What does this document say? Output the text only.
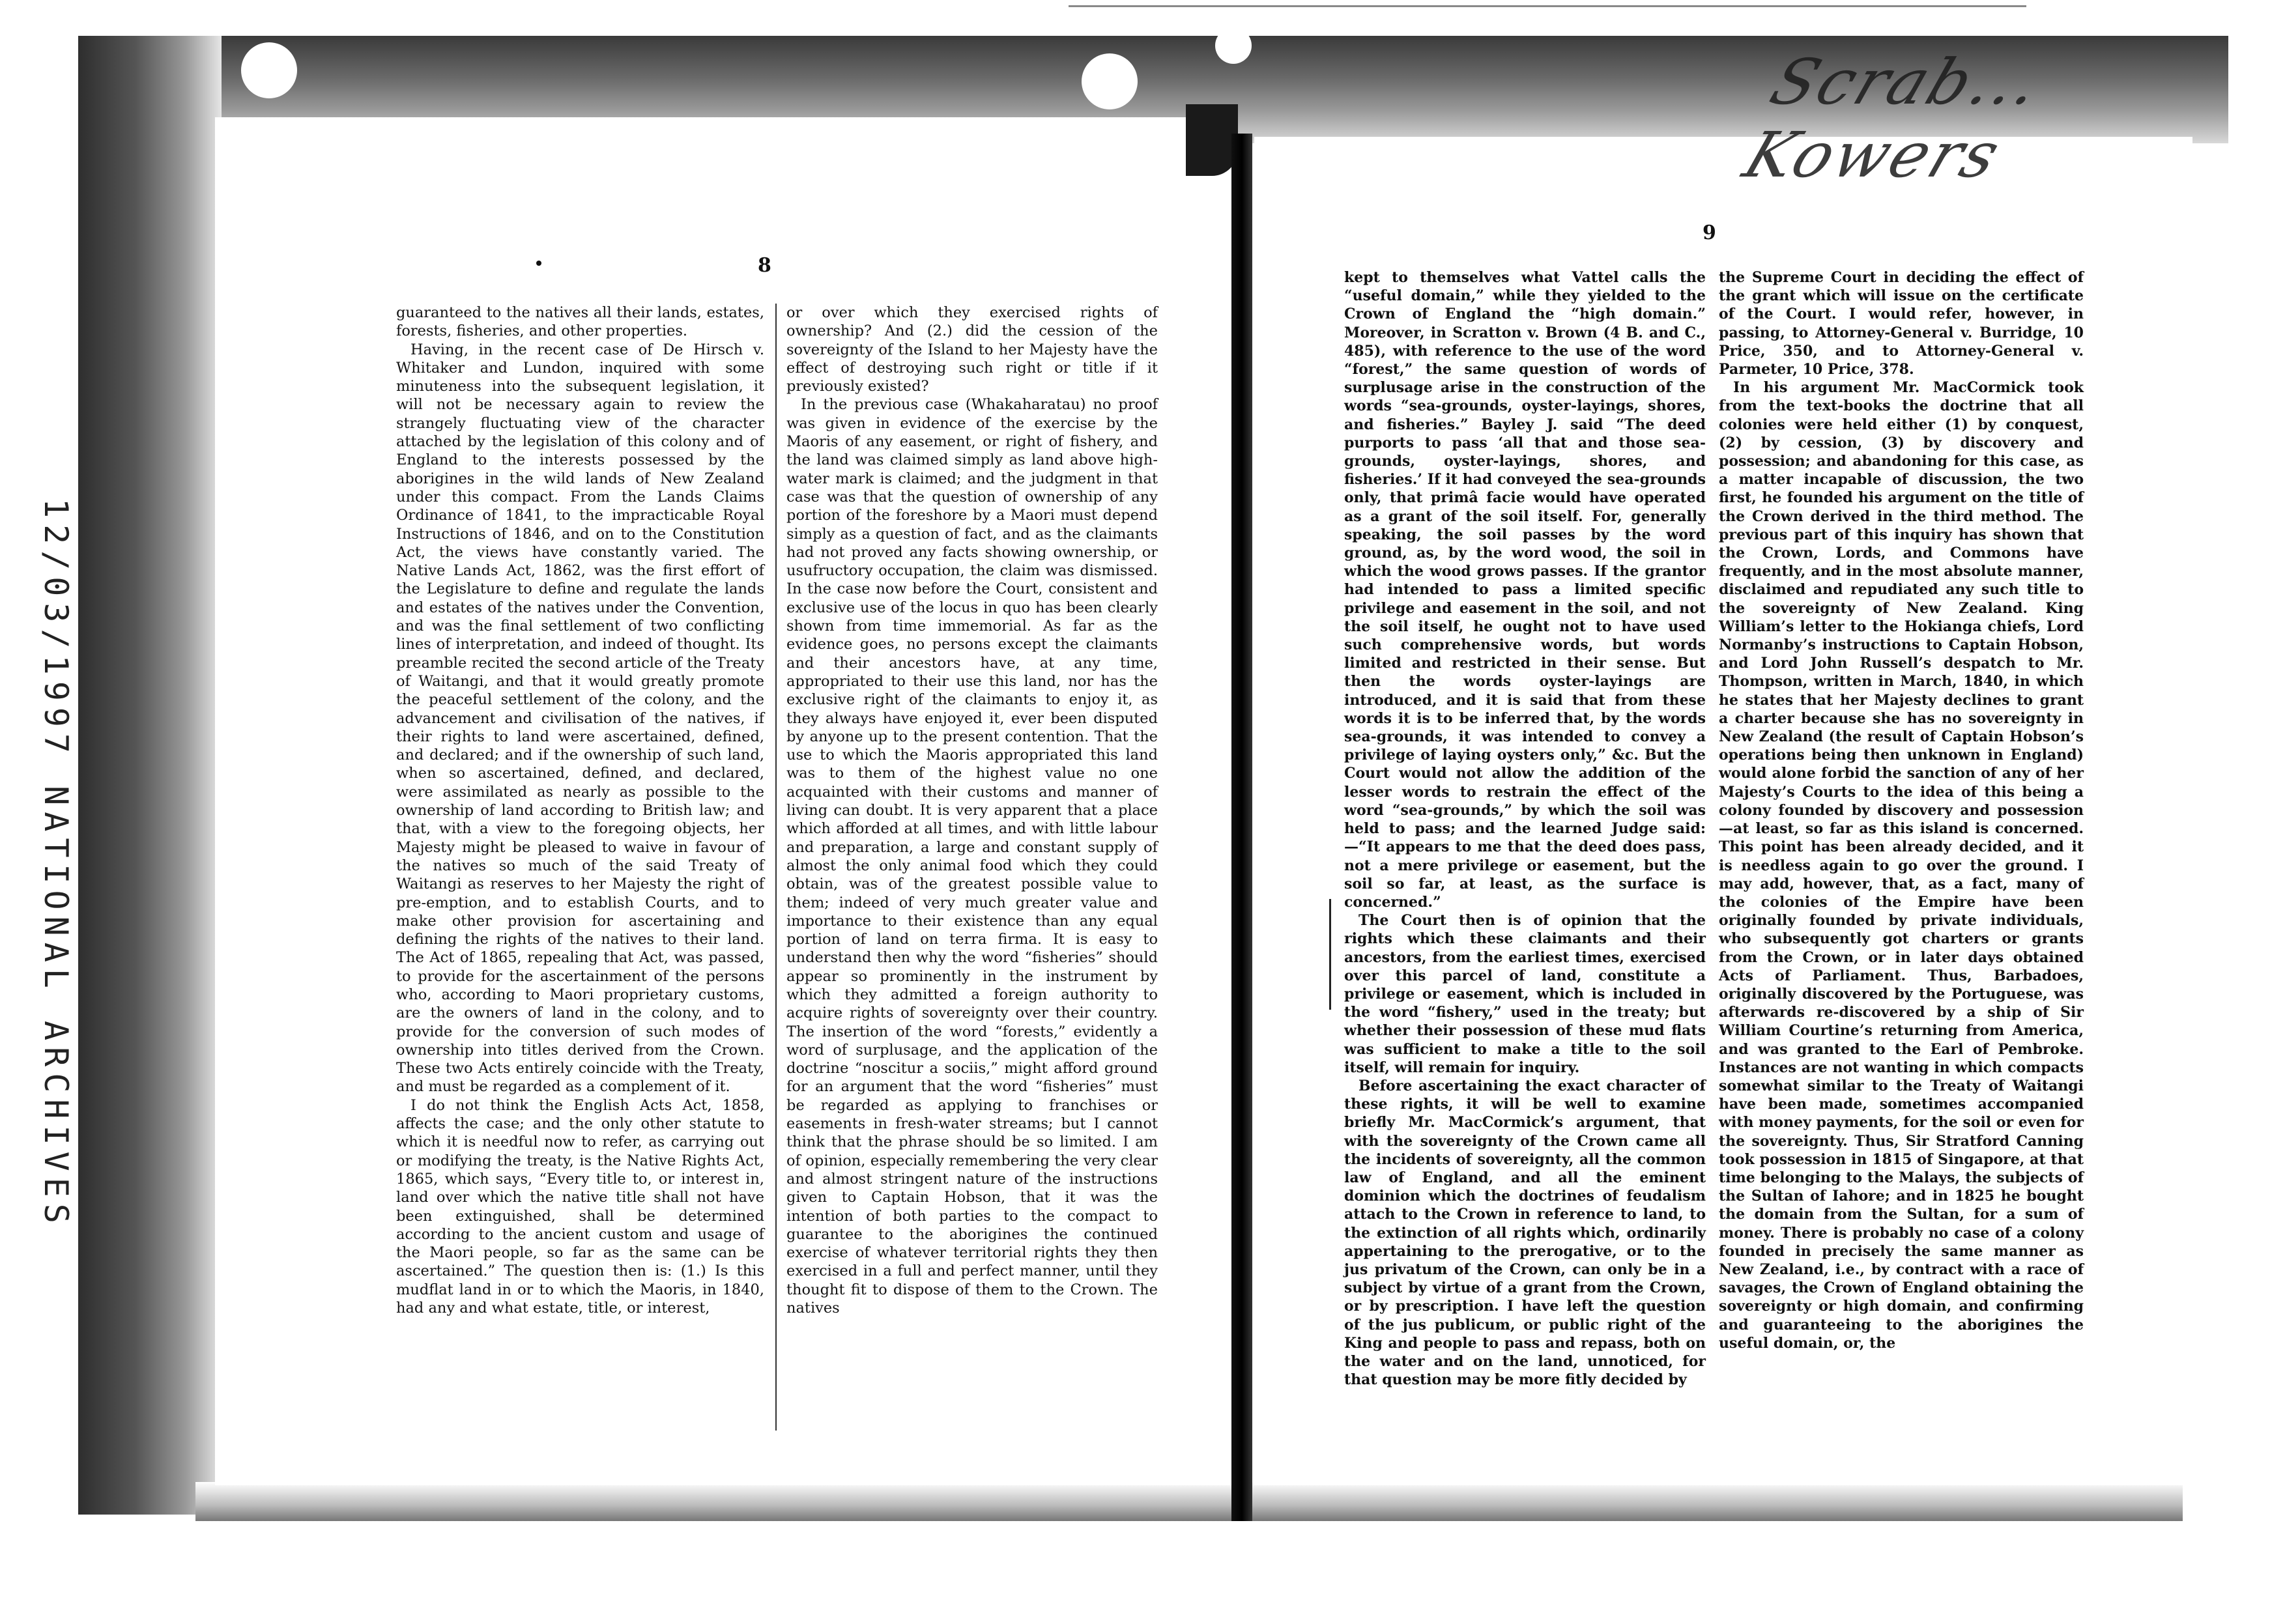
Scrab... Kowers
12/03/1997 NATIONAL ARCHIVES
8

guaranteed to the natives all their lands, estates, forests, fisheries, and other properties.

Having, in the recent case of De Hirsch v. Whitaker and Lundon, inquired with some minuteness into the subsequent legislation, it will not be necessary again to review the strangely fluctuating view of the character attached by the legislation of this colony and of England to the interests possessed by the aborigines in the wild lands of New Zealand under this compact. From the Lands Claims Ordinance of 1841, to the impracticable Royal Instructions of 1846, and on to the Constitution Act, the views have constantly varied. The Native Lands Act, 1862, was the first effort of the Legislature to define and regulate the lands and estates of the natives under the Convention, and was the final settlement of two conflicting lines of interpretation, and indeed of thought. Its preamble recited the second article of the Treaty of Waitangi, and that it would greatly promote the peaceful settlement of the colony, and the advancement and civilisation of the natives, if their rights to land were ascertained, defined, and declared; and if the ownership of such land, when so ascertained, defined, and declared, were assimilated as nearly as possible to the ownership of land according to British law; and that, with a view to the foregoing objects, her Majesty might be pleased to waive in favour of the natives so much of the said Treaty of Waitangi as reserves to her Majesty the right of pre-emption, and to establish Courts, and to make other provision for ascertaining and defining the rights of the natives to their land. The Act of 1865, repealing that Act, was passed, to provide for the ascertainment of the persons who, according to Maori proprietary customs, are the owners of land in the colony, and to provide for the conversion of such modes of ownership into titles derived from the Crown. These two Acts entirely coincide with the Treaty, and must be regarded as a complement of it.

I do not think the English Acts Act, 1858, affects the case; and the only other statute to which it is needful now to refer, as carrying out or modifying the treaty, is the Native Rights Act, 1865, which says, “Every title to, or interest in, land over which the native title shall not have been extinguished, shall be determined according to the ancient custom and usage of the Maori people, so far as the same can be ascertained.” The question then is: (1.) Is this mudflat land in or to which the Maoris, in 1840, had any and what estate, title, or interest,

or over which they exercised rights of ownership? And (2.) did the cession of the sovereignty of the Island to her Majesty have the effect of destroying such right or title if it previously existed?

In the previous case (Whakaharatau) no proof was given in evidence of the exercise by the Maoris of any easement, or right of fishery, and the land was claimed simply as land above high-water mark is claimed; and the judgment in that case was that the question of ownership of any portion of the foreshore by a Maori must depend simply as a question of fact, and as the claimants had not proved any facts showing ownership, or usufructory occupation, the claim was dismissed. In the case now before the Court, consistent and exclusive use of the locus in quo has been clearly shown from time immemorial. As far as the evidence goes, no persons except the claimants and their ancestors have, at any time, appropriated to their use this land, nor has the exclusive right of the claimants to enjoy it, as they always have enjoyed it, ever been disputed by anyone up to the present contention. That the use to which the Maoris appropriated this land was to them of the highest value no one acquainted with their customs and manner of living can doubt. It is very apparent that a place which afforded at all times, and with little labour and preparation, a large and constant supply of almost the only animal food which they could obtain, was of the greatest possible value to them; indeed of very much greater value and importance to their existence than any equal portion of land on terra firma. It is easy to understand then why the word “fisheries” should appear so prominently in the instrument by which they admitted a foreign authority to acquire rights of sovereignty over their country. The insertion of the word “forests,” evidently a word of surplusage, and the application of the doctrine “noscitur a sociis,” might afford ground for an argument that the word “fisheries” must be regarded as applying to franchises or easements in fresh-water streams; but I cannot think that the phrase should be so limited. I am of opinion, especially remembering the very clear and almost stringent nature of the instructions given to Captain Hobson, that it was the intention of both parties to the compact to guarantee to the aborigines the continued exercise of whatever territorial rights they then exercised in a full and perfect manner, until they thought fit to dispose of them to the Crown. The natives

9

kept to themselves what Vattel calls the “useful domain,” while they yielded to the Crown of England the “high domain.” Moreover, in Scratton v. Brown (4 B. and C., 485), with reference to the use of the word “forest,” the same question of words of surplusage arise in the construction of the words “sea-grounds, oyster-layings, shores, and fisheries.” Bayley J. said “The deed purports to pass ‘all that and those sea-grounds, oyster-layings, shores, and fisheries.’ If it had conveyed the sea-grounds only, that primâ facie would have operated as a grant of the soil itself. For, generally speaking, the soil passes by the word ground, as, by the word wood, the soil in which the wood grows passes. If the grantor had intended to pass a limited specific privilege and easement in the soil, and not the soil itself, he ought not to have used such comprehensive words, but words limited and restricted in their sense. But then the words oyster-layings are introduced, and it is said that from these words it is to be inferred that, by the words sea-grounds, it was intended to convey a privilege of laying oysters only,” &c. But the Court would not allow the addition of the lesser words to restrain the effect of the word “sea-grounds,” by which the soil was held to pass; and the learned Judge said:—“It appears to me that the deed does pass, not a mere privilege or easement, but the soil so far, at least, as the surface is concerned.”

The Court then is of opinion that the rights which these claimants and their ancestors, from the earliest times, exercised over this parcel of land, constitute a privilege or easement, which is included in the word “fishery,” used in the treaty; but whether their possession of these mud flats was sufficient to make a title to the soil itself, will remain for inquiry.

Before ascertaining the exact character of these rights, it will be well to examine briefly Mr. MacCormick’s argument, that with the sovereignty of the Crown came all the incidents of sovereignty, all the common law of England, and all the eminent dominion which the doctrines of feudalism attach to the Crown in reference to land, to the extinction of all rights which, ordinarily appertaining to the prerogative, or to the jus privatum of the Crown, can only be in a subject by virtue of a grant from the Crown, or by prescription. I have left the question of the jus publicum, or public right of the King and people to pass and repass, both on the water and on the land, unnoticed, for that question may be more fitly decided by

the Supreme Court in deciding the effect of the grant which will issue on the certificate of the Court. I would refer, however, in passing, to Attorney-General v. Burridge, 10 Price, 350, and to Attorney-General v. Parmeter, 10 Price, 378.

In his argument Mr. MacCormick took from the text-books the doctrine that all colonies were held either (1) by conquest, (2) by cession, (3) by discovery and possession; and abandoning for this case, as a matter incapable of discussion, the two first, he founded his argument on the title of the Crown derived in the third method. The previous part of this inquiry has shown that the Crown, Lords, and Commons have frequently, and in the most absolute manner, disclaimed and repudiated any such title to the sovereignty of New Zealand. King William’s letter to the Hokianga chiefs, Lord Normanby’s instructions to Captain Hobson, and Lord John Russell’s despatch to Mr. Thompson, written in March, 1840, in which he states that her Majesty declines to grant a charter because she has no sovereignty in New Zealand (the result of Captain Hobson’s operations being then unknown in England) would alone forbid the sanction of any of her Majesty’s Courts to the idea of this being a colony founded by discovery and possession—at least, so far as this island is concerned. This point has been already decided, and it is needless again to go over the ground. I may add, however, that, as a fact, many of the colonies of the Empire have been originally founded by private individuals, who subsequently got charters or grants from the Crown, or in later days obtained Acts of Parliament. Thus, Barbadoes, originally discovered by the Portuguese, was afterwards re-discovered by a ship of Sir William Courtine’s returning from America, and was granted to the Earl of Pembroke. Instances are not wanting in which compacts somewhat similar to the Treaty of Waitangi have been made, sometimes accompanied with money payments, for the soil or even for the sovereignty. Thus, Sir Stratford Canning took possession in 1815 of Singapore, at that time belonging to the Malays, the subjects of the Sultan of Iahore; and in 1825 he bought the domain from the Sultan, for a sum of money. There is probably no case of a colony founded in precisely the same manner as New Zealand, i.e., by contract with a race of savages, the Crown of England obtaining the sovereignty or high domain, and confirming and guaranteeing to the aborigines the useful domain, or, the
